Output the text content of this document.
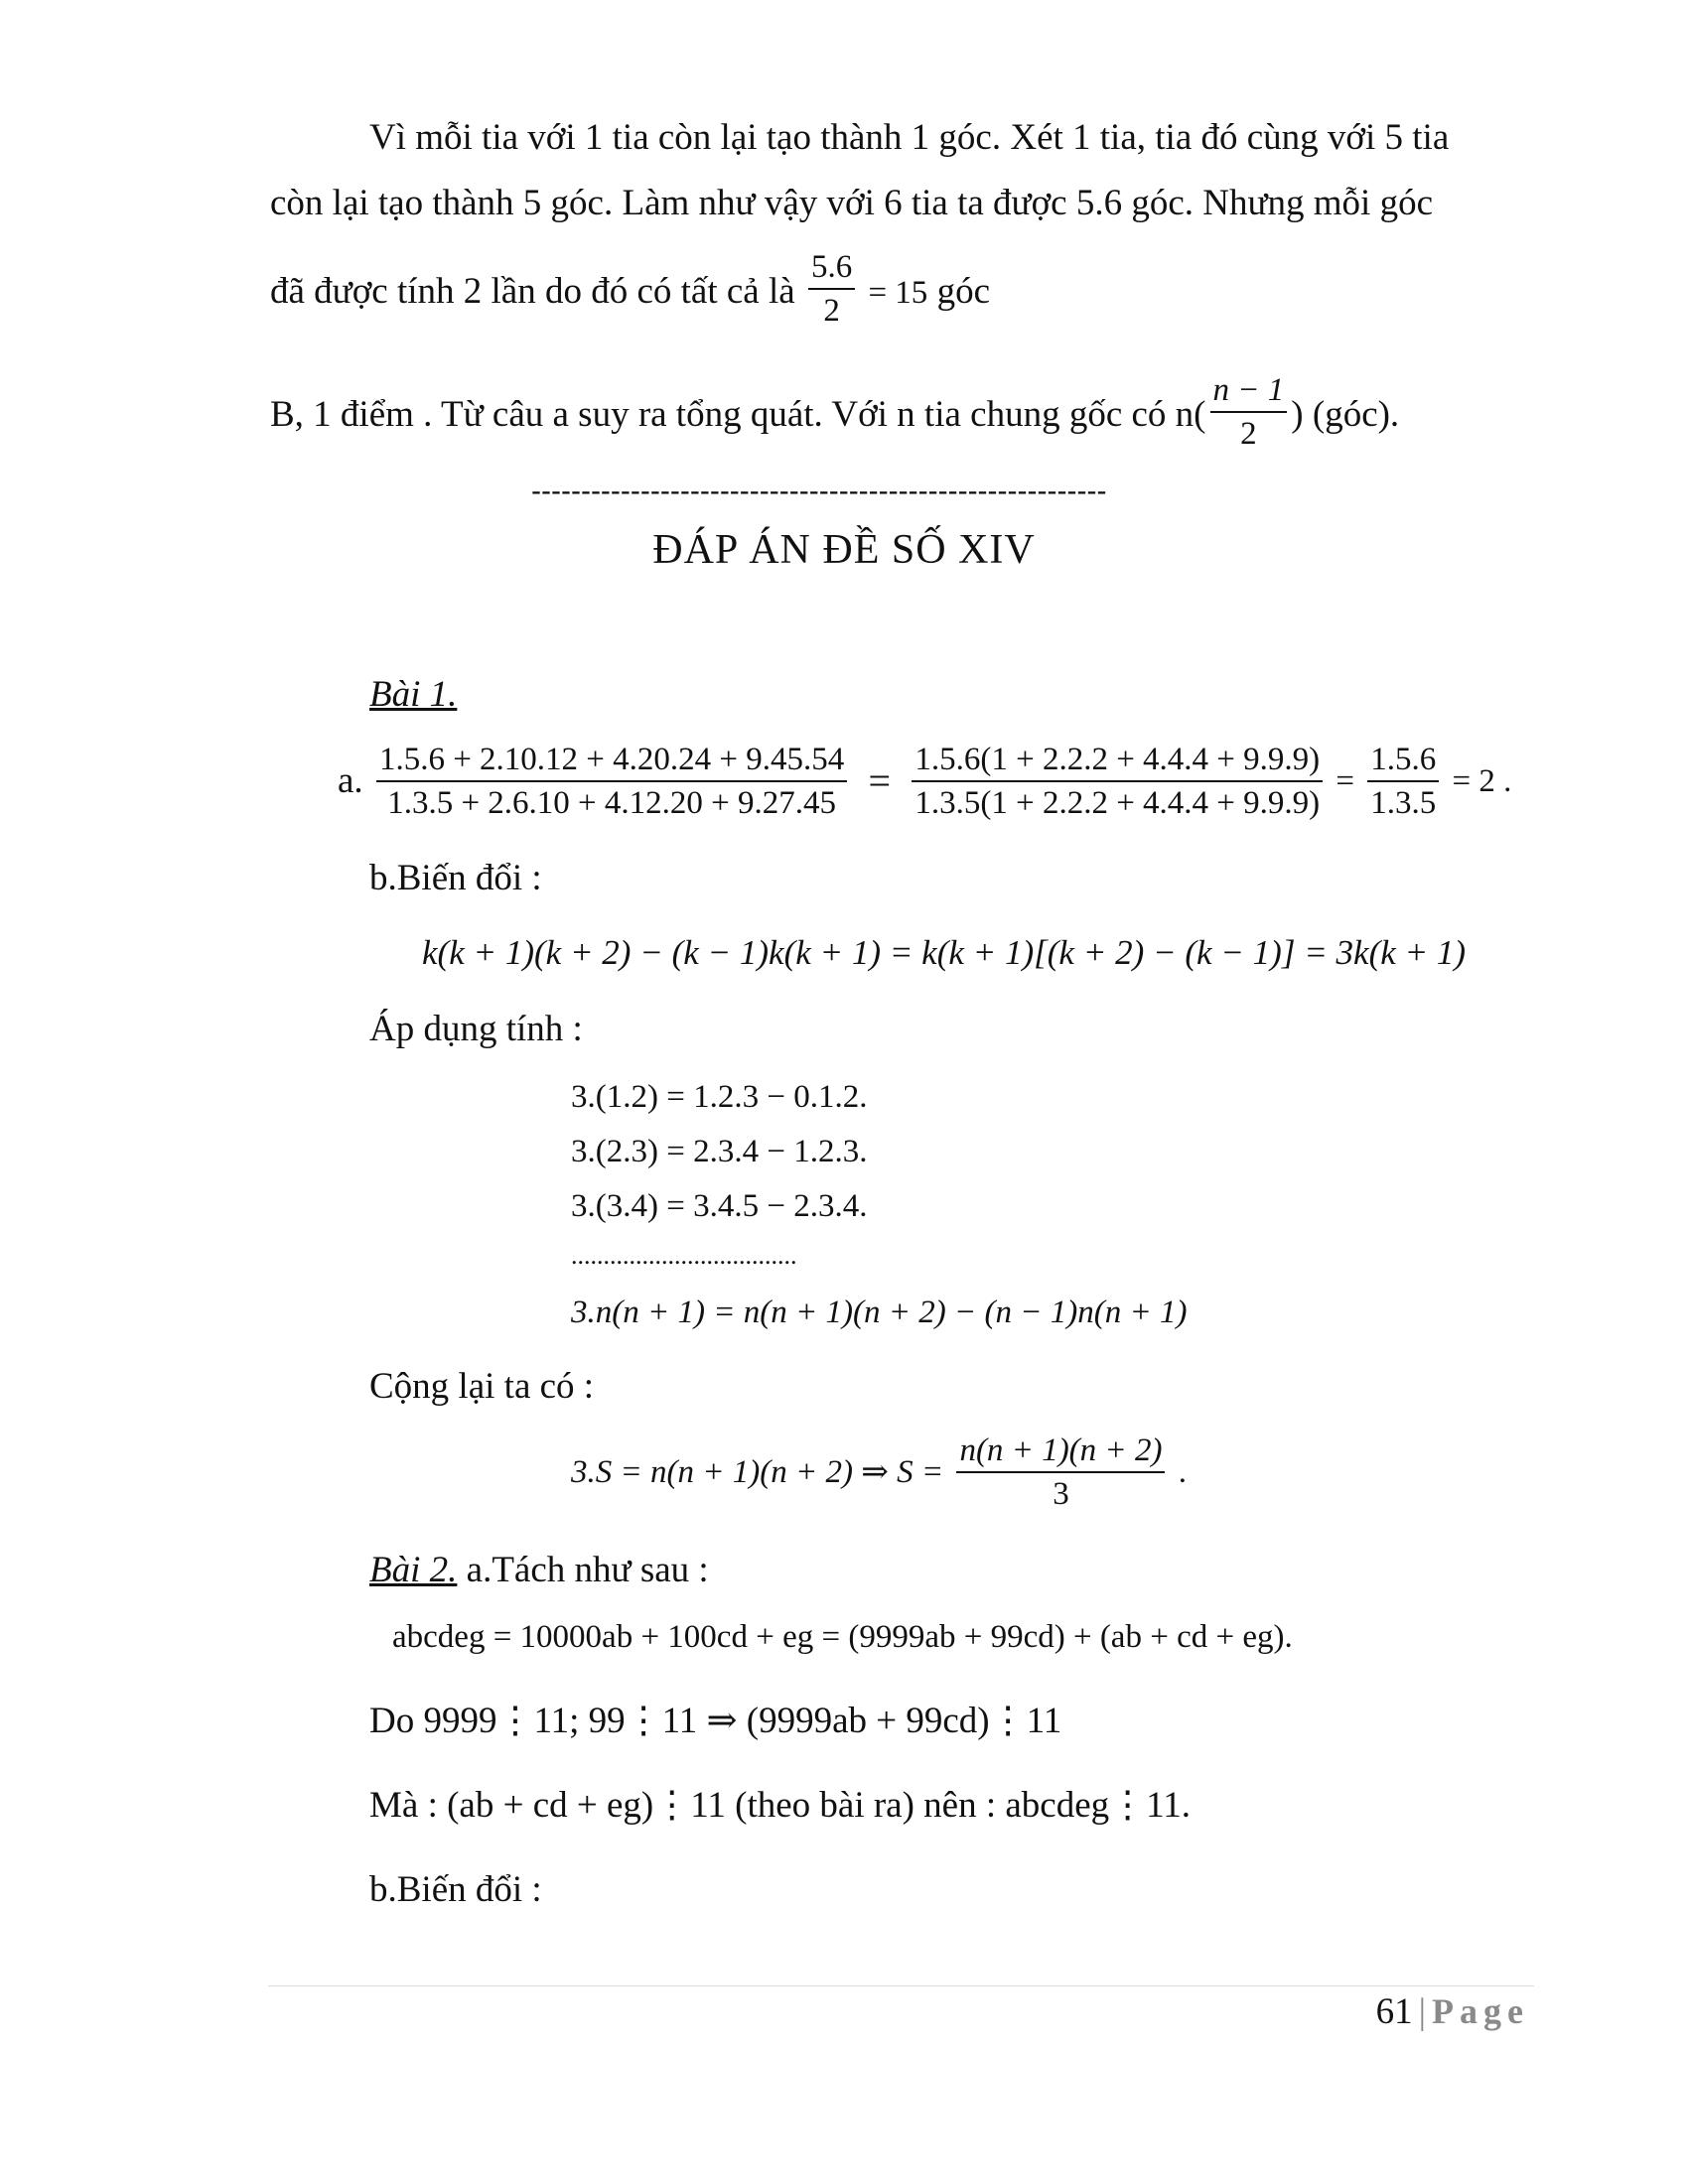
Vì mỗi tia với 1 tia còn lại tạo thành 1 góc. Xét 1 tia, tia đó cùng với 5 tia
còn lại tạo thành 5 góc. Làm như vậy với 6 tia ta được 5.6 góc. Nhưng mỗi góc
đã được tính 2 lần do đó có tất cả là $\frac{5.6}{2} = 15$ góc
B, 1 điểm . Từ câu a suy ra tổng quát. Với n tia chung gốc có $n( \frac{n - 1}{2}$ ) (góc).
----------------------------------------------------------
ĐÁP ÁN ĐỀ SỐ XIV
Bài 1.
a. $\frac{1.5.6 + 2.10.12 + 4.20.24 + 9.45.54}{1.3.5 + 2.6.10 + 4.12.20 + 9.27.45} = \frac{1.5.6(1 + 2.2.2 + 4.4.4 + 9.9.9)}{1.3.5(1 + 2.2.2 + 4.4.4 + 9.9.9)} = \frac{1.5.6}{1.3.5} = 2$ .
b.Biến đổi :
k(k + 1)(k + 2) − (k − 1)k(k + 1) = k(k + 1)[(k + 2) − (k − 1)] = 3k(k + 1)
Áp dụng tính :
3.(1.2) = 1.2.3 − 0.1.2.
3.(2.3) = 2.3.4 − 1.2.3.
3.(3.4) = 3.4.5 − 2.3.4.
...................................
3.n(n + 1) = n(n + 1)(n + 2) − (n − 1)n(n + 1)
Cộng lại ta có :
3.S = n(n + 1)(n + 2) ⇒ $S = \frac{n(n + 1)(n + 2)}{3}$ .
Bài 2. a.Tách như sau :
abcdeg = 10000ab + 100cd + eg = (9999ab + 99cd) + (ab + cd + eg).
Do 9999⋮11; 99⋮11 ⇒ (9999ab + 99cd)⋮11
Mà : (ab + cd + eg)⋮11 (theo bài ra) nên : abcdeg⋮11.
b.Biến đổi :
61 | Page
